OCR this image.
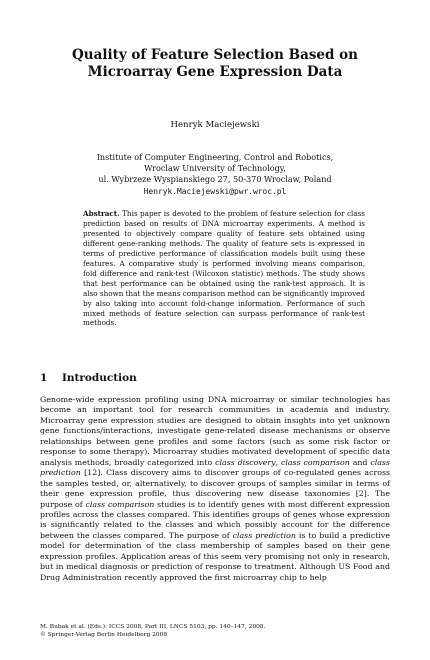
Quality of Feature Selection Based on
Microarray Gene Expression Data
Henryk Maciejewski
Institute of Computer Engineering, Control and Robotics,
Wroclaw University of Technology,
ul. Wybrzeze Wyspianskiego 27, 50-370 Wroclaw, Poland
Henryk.Maciejewski@pwr.wroc.pl
Abstract. This paper is devoted to the problem of feature selection for class prediction based on results of DNA microarray experiments. A method is presented to objectively compare quality of feature sets obtained using different gene-ranking methods. The quality of feature sets is expressed in terms of predictive performance of classification models built using these features. A comparative study is performed involving means comparison, fold difference and rank-test (Wilcoxon statistic) methods. The study shows that best performance can be obtained using the rank-test approach. It is also shown that the means comparison method can be significantly improved by also taking into account fold-change information. Performance of such mixed methods of feature selection can surpass performance of rank-test methods.
1 Introduction
Genome-wide expression profiling using DNA microarray or similar technologies has become an important tool for research communities in academia and industry. Microarray gene expression studies are designed to obtain insights into yet unknown gene functions/interactions, investigate gene-related disease mechanisms or observe relationships between gene profiles and some factors (such as some risk factor or response to some therapy). Microarray studies motivated development of specific data analysis methods, broadly categorized into class discovery, class comparison and class prediction [12]. Class discovery aims to discover groups of co-regulated genes across the samples tested, or, alternatively, to discover groups of samples similar in terms of their gene expression profile, thus discovering new disease taxonomies [2]. The purpose of class comparison studies is to identify genes with most different expression profiles across the classes compared. This identifies groups of genes whose expression is significantly related to the classes and which possibly account for the difference between the classes compared. The purpose of class prediction is to build a predictive model for determination of the class membership of samples based on their gene expression profiles. Application areas of this seem very promising not only in research, but in medical diagnosis or prediction of response to treatment. Although US Food and Drug Administration recently approved the first microarray chip to help
M. Bubak et al. (Eds.): ICCS 2008, Part III, LNCS 5103, pp. 140–147, 2008.
© Springer-Verlag Berlin Heidelberg 2008
